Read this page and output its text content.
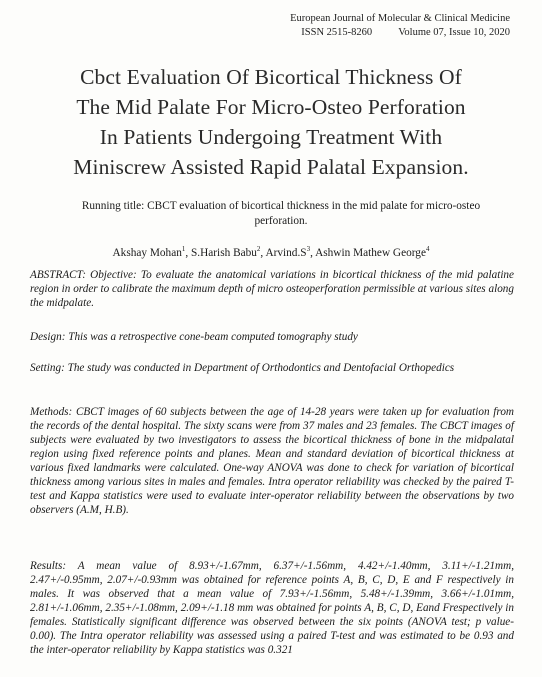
European Journal of Molecular & Clinical Medicine
ISSN 2515-8260 Volume 07, Issue 10, 2020
Cbct Evaluation Of Bicortical Thickness Of
The Mid Palate For Micro-Osteo Perforation
In Patients Undergoing Treatment With
Miniscrew Assisted Rapid Palatal Expansion.
Running title: CBCT evaluation of bicortical thickness in the mid palate for micro-osteo
perforation.
Akshay Mohan$^1$, S.Harish Babu$^2$, $Arvind.S^3$, Ashwin Mathew George$^4$
ABSTRACT: Objective: To evaluate the anatomical variations in bicortical thickness of the mid palatine region in order to calibrate the maximum depth of micro osteoperforation permissible at various sites along the midpalate.
Design: This was a retrospective cone-beam computed tomography study
Setting: The study was conducted in Department of Orthodontics and Dentofacial Orthopedics
Methods: CBCT images of 60 subjects between the age of 14-28 years were taken up for evaluation from the records of the dental hospital. The sixty scans were from 37 males and 23 females. The CBCT images of subjects were evaluated by two investigators to assess the bicortical thickness of bone in the midpalatal region using fixed reference points and planes. Mean and standard deviation of bicortical thickness at various fixed landmarks were calculated. One-way ANOVA was done to check for variation of bicortical thickness among various sites in males and females. Intra operator reliability was checked by the paired T- test and Kappa statistics were used to evaluate inter-operator reliability between the observations by two observers (A.M, H.B).
Results: A mean value of 8.93+/-1.67mm, 6.37+/-1.56mm, 4.42+/-1.40mm, 3.11+/-1.21mm, 2.47+/-0.95mm, 2.07+/-0.93mm was obtained for reference points A, B, C, D, E and F respectively in males. It was observed that a mean value of 7.93+/-1.56mm, 5.48+/-1.39mm, 3.66+/-1.01mm, 2.81+/-1.06mm, 2.35+/-1.08mm, 2.09+/-1.18 mm was obtained for points A, B, C, D, Eand Frespectively in females. Statistically significant difference was observed between the six points (ANOVA test; p value- 0.00). The Intra operator reliability was assessed using a paired T-test and was estimated to be 0.93 and the inter-operator reliability by Kappa statistics was 0.321
